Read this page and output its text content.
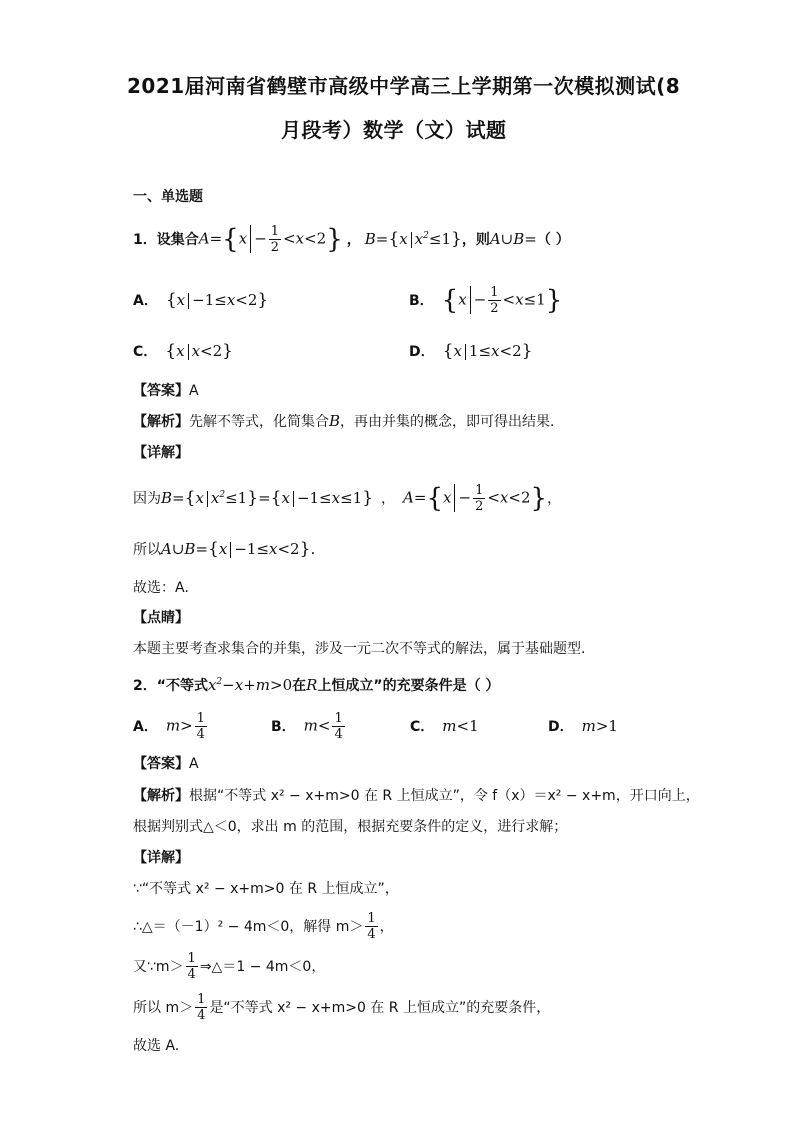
2021届河南省鹤壁市高级中学高三上学期第一次模拟测试(8
月段考）数学（文）试题
一、单选题
1． 设集合 $A=\{x - \frac{1}{2} <x<2\}$ ， B={x $x^2\le 1$} ，则 A∪B= （ ）
A． {x −1≤x<2}	B． $\{x - \frac{1}{2} <x\le 1\}$
C． {x x<2}	D． {x 1≤x<2}
【答案】A
【解析】先解不等式，化简集合B，再由并集的概念，即可得出结果.
【详解】
因为 B={x $x^2\le 1\}=\{x -1\le x\le 1\}$ ， $A=\{x - \frac{1}{2} <x<2\}$ ，
所以 A∪B={x −1≤x<2}.
故选：A.
【点睛】
本题主要考查求集合的并集，涉及一元二次不等式的解法，属于基础题型.
2． “不等式 $x^2-x+m>0$ 在 R 上恒成立”的充要条件是（ ）
A． $m> \frac{1}{4}$	B． $m< \frac{1}{4}$	C． m<1	D． m>1
【答案】A
【解析】根据“不等式 x² − x+m>0 在 R 上恒成立”，令 f（x）＝x² − x+m，开口向上，
根据判别式△＜0，求出 m 的范围，根据充要条件的定义，进行求解；
【详解】
∵“不等式 x² − x+m>0 在 R 上恒成立”，
∴△＝（－1）² − 4m＜0，解得 $m> \frac{1}{4}$ ，
又∵m＞ $\frac{1}{4}$ ⇒△＝1 − 4m＜0，
所以 $m> \frac{1}{4}$ 是“不等式 x² − x+m>0 在 R 上恒成立”的充要条件，
故选 A.
